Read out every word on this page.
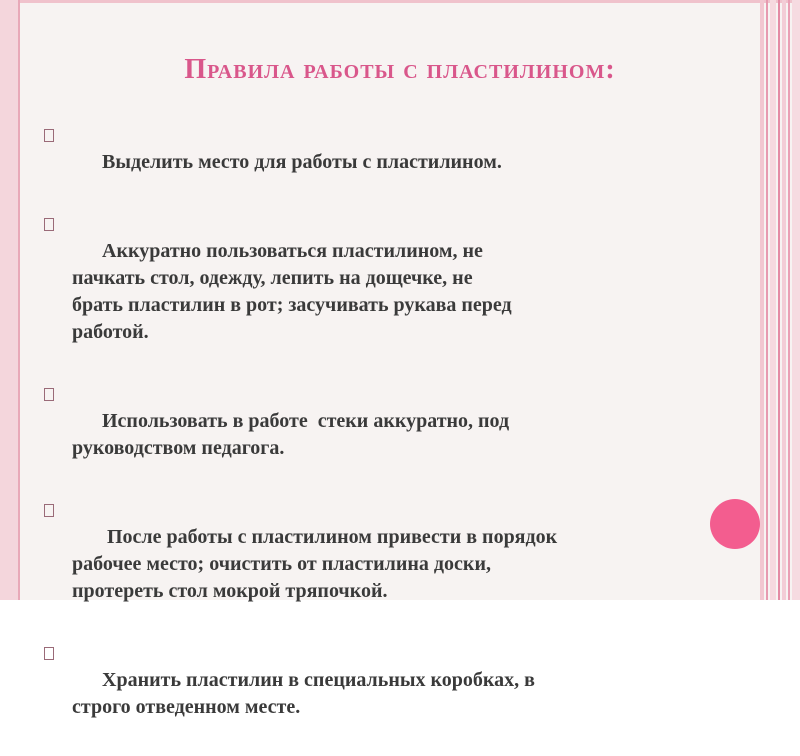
Правила работы с пластилином:

Выделить место для работы с пластилином.

Аккуратно пользоваться пластилином, не
пачкать стол, одежду, лепить на дощечке, не
брать пластилин в рот; засучивать рукава перед
работой.

Использовать в работе  стеки аккуратно, под
руководством педагога.

После работы с пластилином привести в порядок
рабочее место; очистить от пластилина доски,
протереть стол мокрой тряпочкой.

Хранить пластилин в специальных коробках, в
строго отведенном месте.
